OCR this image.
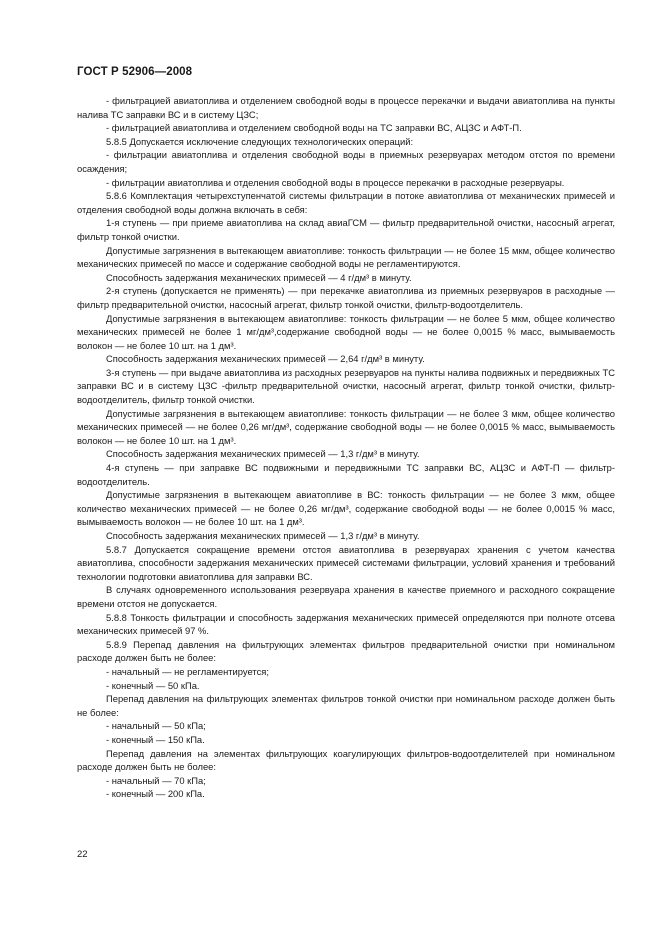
ГОСТ Р 52906—2008

- фильтрацией авиатоплива и отделением свободной воды в процессе перекачки и выдачи авиатоплива на пункты налива ТС заправки ВС и в систему ЦЗС;

- фильтрацией авиатоплива и отделением свободной воды на ТС заправки ВС, АЦЗС и АФТ-П.

5.8.5 Допускается исключение следующих технологических операций:

- фильтрации авиатоплива и отделения свободной воды в приемных резервуарах методом отстоя по времени осаждения;

- фильтрации авиатоплива и отделения свободной воды в процессе перекачки в расходные резервуары.

5.8.6 Комплектация четырехступенчатой системы фильтрации в потоке авиатоплива от механических примесей и отделения свободной воды должна включать в себя:

1-я ступень — при приеме авиатоплива на склад авиаГСМ — фильтр предварительной очистки, насосный агрегат, фильтр тонкой очистки.

Допустимые загрязнения в вытекающем авиатопливе: тонкость фильтрации — не более 15 мкм, общее количество механических примесей по массе и содержание свободной воды не регламентируются.

Способность задержания механических примесей — 4 г/дм³ в минуту.

2-я ступень (допускается не применять) — при перекачке авиатоплива из приемных резервуаров в расходные — фильтр предварительной очистки, насосный агрегат, фильтр тонкой очистки, фильтр-водоотделитель.

Допустимые загрязнения в вытекающем авиатопливе: тонкость фильтрации — не более 5 мкм, общее количество механических примесей не более 1 мг/дм³,содержание свободной воды — не более 0,0015 % масс, вымываемость волокон — не более 10 шт. на 1 дм³.

Способность задержания механических примесей — 2,64 г/дм³ в минуту.

3-я ступень — при выдаче авиатоплива из расходных резервуаров на пункты налива подвижных и передвижных ТС заправки ВС и в систему ЦЗС -фильтр предварительной очистки, насосный агрегат, фильтр тонкой очистки, фильтр-водоотделитель, фильтр тонкой очистки.

Допустимые загрязнения в вытекающем авиатопливе: тонкость фильтрации — не более 3 мкм, общее количество механических примесей — не более 0,26 мг/дм³, содержание свободной воды — не более 0,0015 % масс, вымываемость волокон — не более 10 шт. на 1 дм³.

Способность задержания механических примесей — 1,3 г/дм³ в минуту.

4-я ступень — при заправке ВС подвижными и передвижными ТС заправки ВС, АЦЗС и АФТ-П — фильтр-водоотделитель.

Допустимые загрязнения в вытекающем авиатопливе в ВС: тонкость фильтрации — не более 3 мкм, общее количество механических примесей — не более 0,26 мг/дм³, содержание свободной воды — не более 0,0015 % масс, вымываемость волокон — не более 10 шт. на 1 дм³.

Способность задержания механических примесей — 1,3 г/дм³ в минуту.

5.8.7 Допускается сокращение времени отстоя авиатоплива в резервуарах хранения с учетом качества авиатоплива, способности задержания механических примесей системами фильтрации, условий хранения и требований технологии подготовки авиатоплива для заправки ВС.

В случаях одновременного использования резервуара хранения в качестве приемного и расходного сокращение времени отстоя не допускается.

5.8.8 Тонкость фильтрации и способность задержания механических примесей определяются при полноте отсева механических примесей 97 %.

5.8.9 Перепад давления на фильтрующих элементах фильтров предварительной очистки при номинальном расходе должен быть не более:

- начальный — не регламентируется;

- конечный — 50 кПа.

Перепад давления на фильтрующих элементах фильтров тонкой очистки при номинальном расходе должен быть не более:

- начальный — 50 кПа;

- конечный — 150 кПа.

Перепад давления на элементах фильтрующих коагулирующих фильтров-водоотделителей при номинальном расходе должен быть не более:

- начальный — 70 кПа;

- конечный — 200 кПа.

22
